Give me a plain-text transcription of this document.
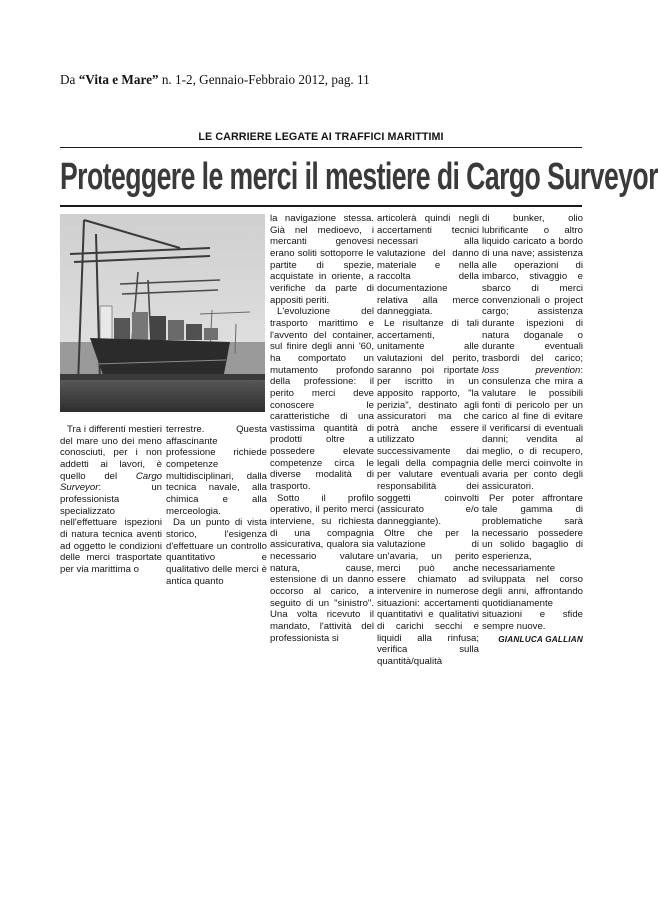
Da “Vita e Mare” n. 1-2, Gennaio-Febbraio 2012, pag. 11
LE CARRIERE LEGATE AI TRAFFICI MARITTIMI
Proteggere le merci il mestiere di Cargo Surveyor

Tra i differenti mestieri del mare uno dei meno conosciuti, per i non addetti ai lavori, è quello del Cargo Surveyor: un professionista specializzato nell'effettuare ispezioni di natura tecnica aventi ad oggetto le condizioni delle merci trasportate per via marittima o

terrestre. Questa affascinante professione richiede competenze multidisciplinari, dalla tecnica navale, alla chimica e alla merceologia.

Da un punto di vista storico, l'esigenza d'effettuare un controllo quantitativo e qualitativo delle merci è antica quanto

la navigazione stessa. Già nel medioevo, i mercanti genovesi erano soliti sottoporre le partite di spezie, acquistate in oriente, a verifiche da parte di appositi periti.

L'evoluzione del trasporto marittimo e l'avvento del container, sul finire degli anni '60, ha comportato un mutamento profondo della professione: il perito merci deve conoscere le caratteristiche di una vastissima quantità di prodotti oltre a possedere elevate competenze circa le diverse modalità di trasporto.

Sotto il profilo operativo, il perito merci interviene, su richiesta di una compagnia assicurativa, qualora sia necessario valutare natura, cause, estensione di un danno occorso al carico, a seguito di un "sinistro". Una volta ricevuto il mandato, l'attività del professionista si

articolerà quindi negli accertamenti tecnici necessari alla valutazione del danno materiale e nella raccolta della documentazione relativa alla merce danneggiata.

Le risultanze di tali accertamenti, unitamente alle valutazioni del perito, saranno poi riportate per iscritto in un apposito rapporto, "la perizia", destinato agli assicuratori ma che potrà anche essere utilizzato successivamente dai legali della compagnia per valutare eventuali responsabilità dei soggetti coinvolti (assicurato e/o danneggiante).

Oltre che per la valutazione di un'avaria, un perito merci può anche essere chiamato ad intervenire in numerose situazioni: accertamenti quantitativi e qualitativi di carichi secchi e liquidi alla rinfusa; verifica sulla quantità/qualità

di bunker, olio lubrificante o altro liquido caricato a bordo di una nave; assistenza alle operazioni di imbarco, stivaggio e sbarco di merci convenzionali o project cargo; assistenza durante ispezioni di natura doganale o durante eventuali trasbordi del carico; loss prevention: consulenza che mira a valutare le possibili fonti di pericolo per un carico al fine di evitare il verificarsi di eventuali danni; vendita al meglio, o di recupero, delle merci coinvolte in avaria per conto degli assicuratori.

Per poter affrontare tale gamma di problematiche sarà necessario possedere un solido bagaglio di esperienza, necessariamente sviluppata nel corso degli anni, affrontando quotidianamente situazioni e sfide sempre nuove.

GIANLUCA GALLIAN
